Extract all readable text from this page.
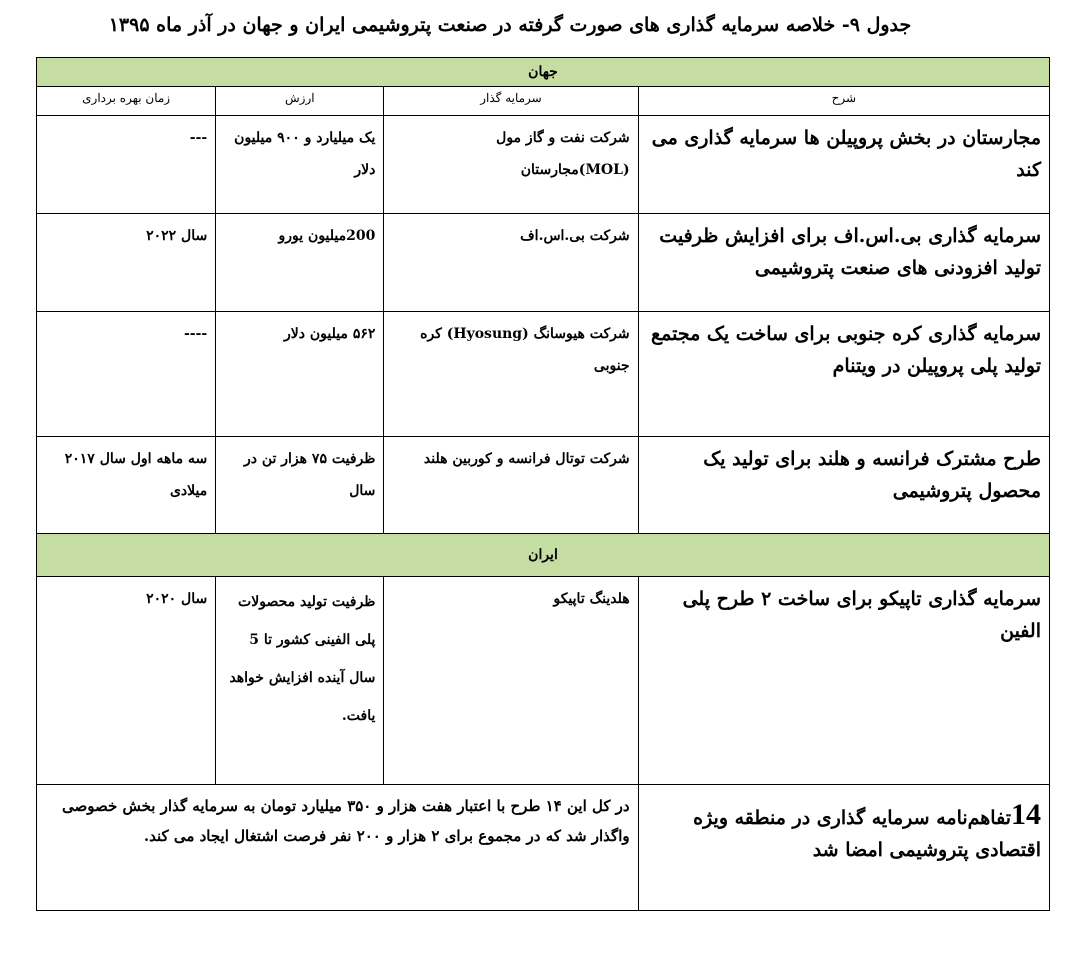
جدول ۹- خلاصه سرمایه گذاری های صورت گرفته در صنعت پتروشیمی ایران و جهان در آذر ماه ۱۳۹۵
جهان			
شرح	سرمایه گذار	ارزش	زمان بهره برداری
مجارستان در بخش پروپیلن ها سرمایه گذاری می کند	شرکت نفت و گاز مول (MOL)مجارستان	یک میلیارد و ۹۰۰ میلیون دلار	---
سرمایه گذاری بی.اس.اف برای افزایش ظرفیت تولید افزودنی های صنعت پتروشیمی	شرکت بی.اس.اف	200میلیون یورو	سال ۲۰۲۲
سرمایه گذاری کره جنوبی برای ساخت یک مجتمع تولید پلی پروپیلن در ویتنام	شرکت هیوسانگ (Hyosung) کره جنوبی	۵۶۲ میلیون دلار	----
طرح مشترک فرانسه و هلند برای تولید یک محصول پتروشیمی	شرکت توتال فرانسه و کوربین هلند	ظرفیت ۷۵ هزار تن در سال	سه ماهه اول سال ۲۰۱۷ میلادی
ایران			
سرمایه گذاری تاپیکو برای ساخت ۲ طرح پلی الفین	هلدینگ تاپیکو	ظرفیت تولید محصولات پلی الفینی کشور تا 5 سال آینده افزایش خواهد یافت.	سال ۲۰۲۰
14تفاهم‌نامه سرمایه گذاری در منطقه ویژه اقتصادی پتروشیمی امضا شد	در کل این ۱۴ طرح با اعتبار هفت هزار و ۳۵۰ میلیارد تومان به سرمایه گذار بخش خصوصی واگذار شد که در مجموع برای ۲ هزار و ۲۰۰ نفر فرصت اشتغال ایجاد می کند.		
